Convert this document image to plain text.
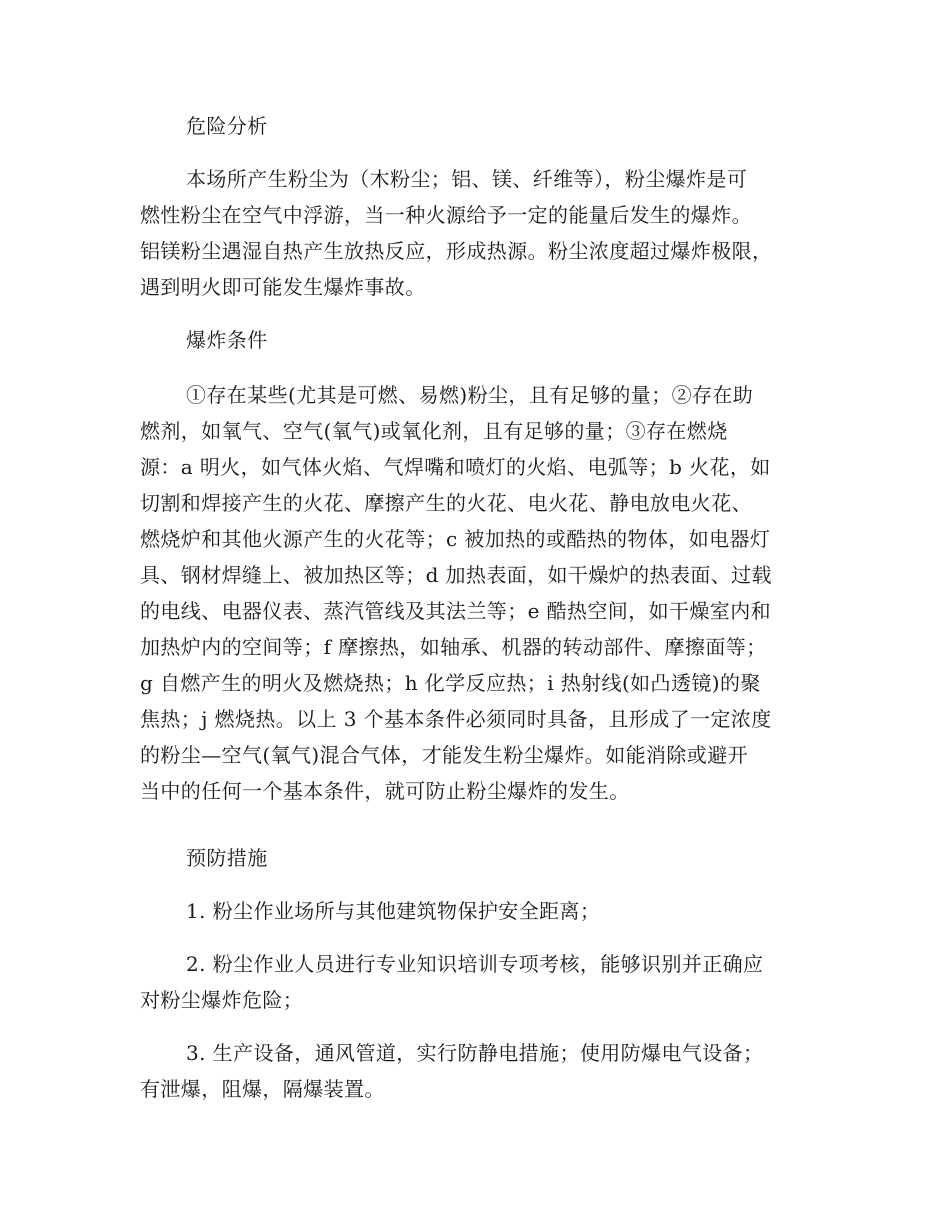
危险分析
本场所产生粉尘为（木粉尘；铝、镁、纤维等），粉尘爆炸是可
燃性粉尘在空气中浮游，当一种火源给予一定的能量后发生的爆炸。
铝镁粉尘遇湿自热产生放热反应，形成热源。粉尘浓度超过爆炸极限，
遇到明火即可能发生爆炸事故。
爆炸条件
①存在某些(尤其是可燃、易燃)粉尘，且有足够的量；②存在助
燃剂，如氧气、空气(氧气)或氧化剂，且有足够的量；③存在燃烧
源：a 明火，如气体火焰、气焊嘴和喷灯的火焰、电弧等；b 火花，如
切割和焊接产生的火花、摩擦产生的火花、电火花、静电放电火花、
燃烧炉和其他火源产生的火花等；c 被加热的或酷热的物体，如电器灯
具、钢材焊缝上、被加热区等；d 加热表面，如干燥炉的热表面、过载
的电线、电器仪表、蒸汽管线及其法兰等；e 酷热空间，如干燥室内和
加热炉内的空间等；f 摩擦热，如轴承、机器的转动部件、摩擦面等；
g 自燃产生的明火及燃烧热；h 化学反应热；i 热射线(如凸透镜)的聚
焦热；j 燃烧热。以上 3 个基本条件必须同时具备，且形成了一定浓度
的粉尘—空气(氧气)混合气体，才能发生粉尘爆炸。如能消除或避开
当中的任何一个基本条件，就可防止粉尘爆炸的发生。
预防措施
1. 粉尘作业场所与其他建筑物保护安全距离；
2. 粉尘作业人员进行专业知识培训专项考核，能够识别并正确应
对粉尘爆炸危险；
3. 生产设备，通风管道，实行防静电措施；使用防爆电气设备；
有泄爆，阻爆，隔爆装置。
